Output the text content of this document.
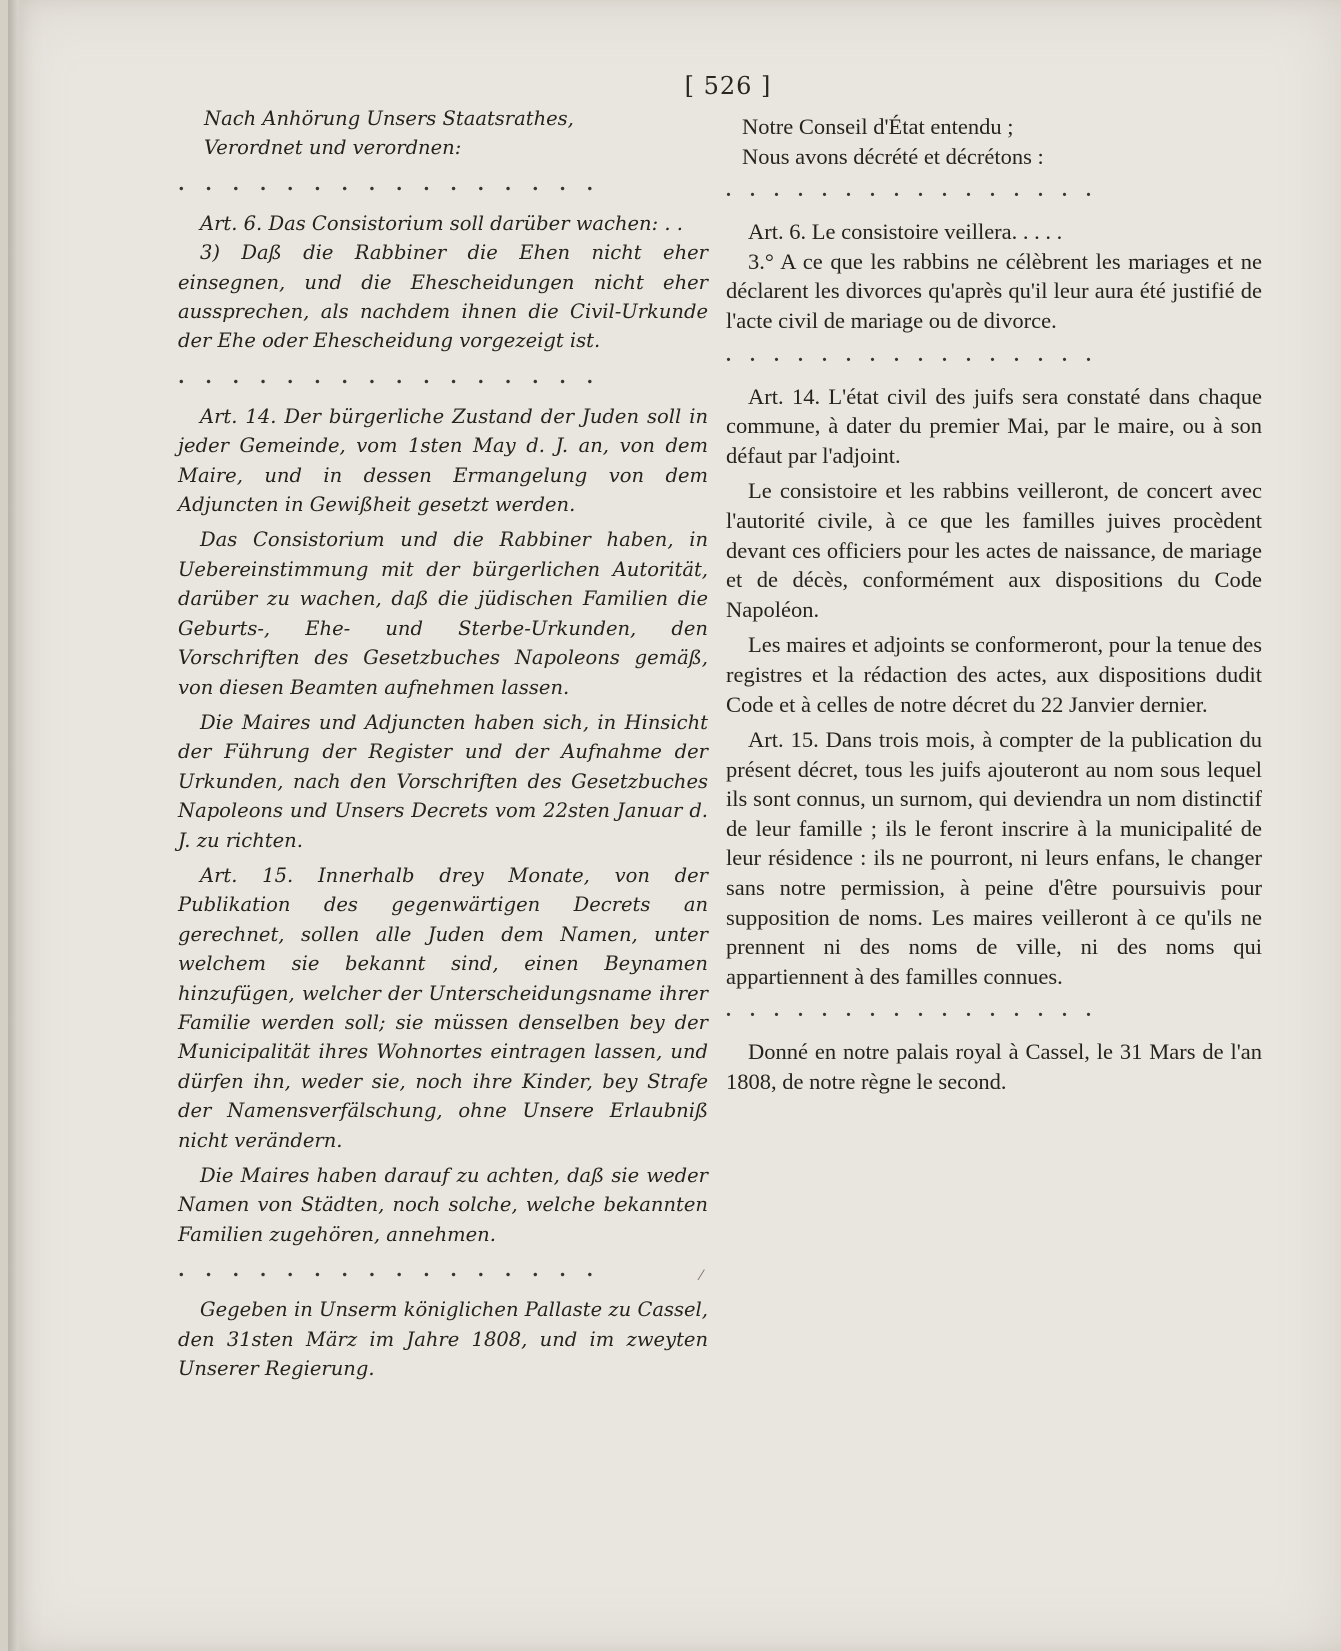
[ 526 ]

Nach Anhörung Unsers Staatsrathes,

Verordnet und verordnen:

. . . . . . . . . . . . . . . .

Art. 6. Das Consistorium soll darüber wachen: . .

3) Daß die Rabbiner die Ehen nicht eher einsegnen, und die Ehescheidungen nicht eher aussprechen, als nachdem ihnen die Civil-Urkunde der Ehe oder Ehescheidung vorgezeigt ist.

. . . . . . . . . . . . . . . .

Art. 14. Der bürgerliche Zustand der Juden soll in jeder Gemeinde, vom 1sten May d. J. an, von dem Maire, und in dessen Ermangelung von dem Adjuncten in Gewißheit gesetzt werden.

Das Consistorium und die Rabbiner haben, in Uebereinstimmung mit der bürgerlichen Autorität, darüber zu wachen, daß die jüdischen Familien die Geburts-, Ehe- und Sterbe-Urkunden, den Vorschriften des Gesetzbuches Napoleons gemäß, von diesen Beamten aufnehmen lassen.

Die Maires und Adjuncten haben sich, in Hinsicht der Führung der Register und der Aufnahme der Urkunden, nach den Vorschriften des Gesetzbuches Napoleons und Unsers Decrets vom 22sten Januar d. J. zu richten.

Art. 15. Innerhalb drey Monate, von der Publikation des gegenwärtigen Decrets an gerechnet, sollen alle Juden dem Namen, unter welchem sie bekannt sind, einen Beynamen hinzufügen, welcher der Unterscheidungsname ihrer Familie werden soll; sie müssen denselben bey der Municipalität ihres Wohnortes eintragen lassen, und dürfen ihn, weder sie, noch ihre Kinder, bey Strafe der Namensverfälschung, ohne Unsere Erlaubniß nicht verändern.

Die Maires haben darauf zu achten, daß sie weder Namen von Städten, noch solche, welche bekannten Familien zugehören, annehmen.

. . . . . . . . . . . . . . . .

Gegeben in Unserm königlichen Pallaste zu Cassel, den 31sten März im Jahre 1808, und im zweyten Unserer Regierung.

Notre Conseil d'État entendu ;

Nous avons décrété et décrétons :

. . . . . . . . . . . . . . . .

Art. 6. Le consistoire veillera. . . . .

3.° A ce que les rabbins ne célèbrent les mariages et ne déclarent les divorces qu'après qu'il leur aura été justifié de l'acte civil de mariage ou de divorce.

. . . . . . . . . . . . . . . .

Art. 14. L'état civil des juifs sera constaté dans chaque commune, à dater du premier Mai, par le maire, ou à son défaut par l'adjoint.

Le consistoire et les rabbins veilleront, de concert avec l'autorité civile, à ce que les familles juives procèdent devant ces officiers pour les actes de naissance, de mariage et de décès, conformément aux dispositions du Code Napoléon.

Les maires et adjoints se conformeront, pour la tenue des registres et la rédaction des actes, aux dispositions dudit Code et à celles de notre décret du 22 Janvier dernier.

Art. 15. Dans trois mois, à compter de la publication du présent décret, tous les juifs ajouteront au nom sous lequel ils sont connus, un surnom, qui deviendra un nom distinctif de leur famille ; ils le feront inscrire à la municipalité de leur résidence : ils ne pourront, ni leurs enfans, le changer sans notre permission, à peine d'être poursuivis pour supposition de noms. Les maires veilleront à ce qu'ils ne prennent ni des noms de ville, ni des noms qui appartiennent à des familles connues.

. . . . . . . . . . . . . . . .

Donné en notre palais royal à Cassel, le 31 Mars de l'an 1808, de notre règne le second.

⁄
